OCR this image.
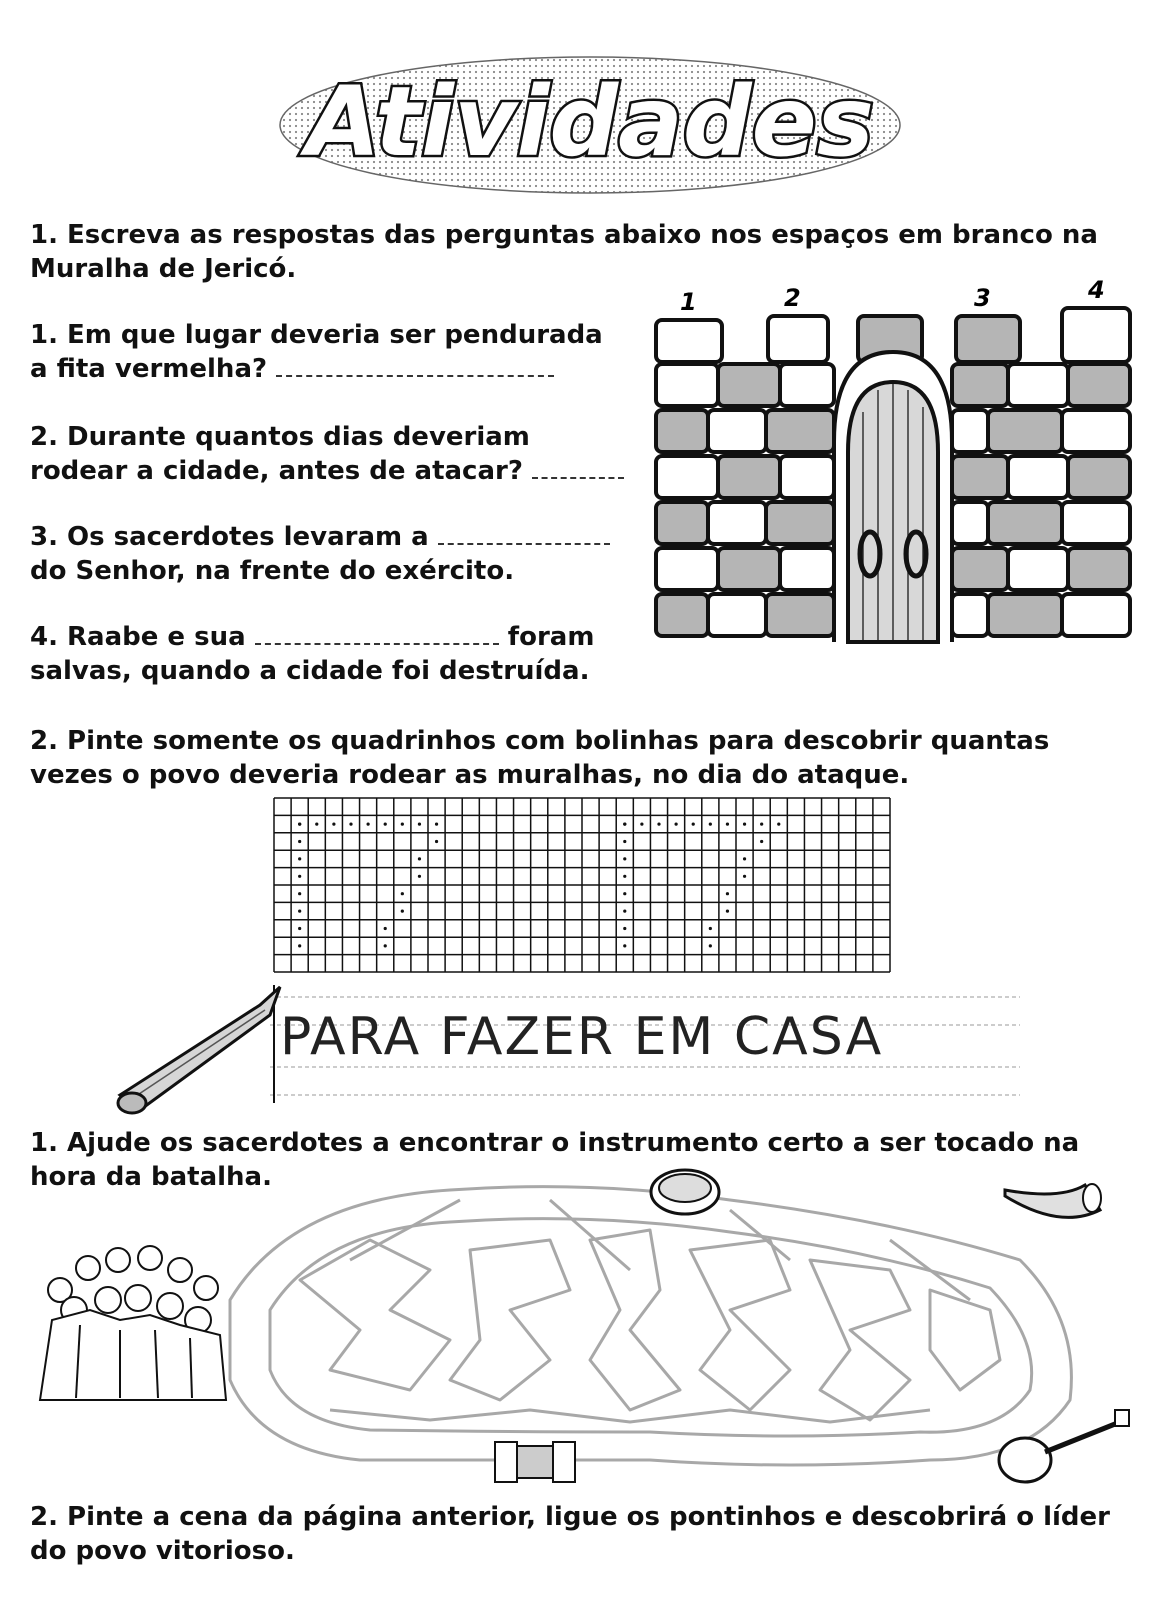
Atividades

1. Escreva as respostas das perguntas abaixo nos espaços em branco na Muralha de Jericó.

1. Em que lugar deveria ser pendurada

a fita vermelha?

2. Durante quantos dias deveriam

rodear a cidade, antes de atacar?

3. Os sacerdotes levaram a

do Senhor, na frente do exército.

4. Raabe e sua	foram

salvas, quando a cidade foi destruída.

1	2	3	4

2. Pinte somente os quadrinhos com bolinhas para descobrir quantas vezes o povo deveria rodear as muralhas, no dia do ataque.

PARA FAZER EM CASA

1. Ajude os sacerdotes a encontrar o instrumento certo a ser tocado na hora da batalha.

2. Pinte a cena da página anterior, ligue os pontinhos e descobrirá o líder do povo vitorioso.
